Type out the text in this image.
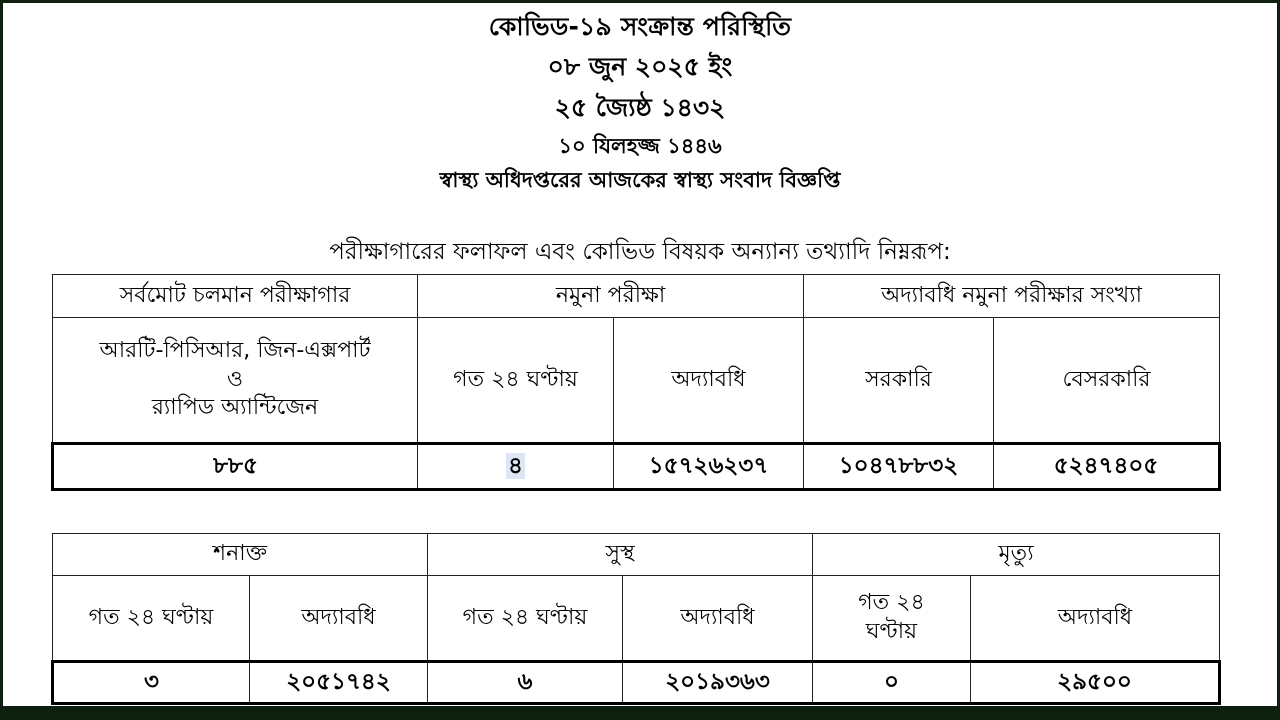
কোভিড-১৯ সংক্রান্ত পরিস্থিতি
০৮ জুন ২০২৫ ইং
২৫ জ্যৈষ্ঠ ১৪৩২
১০ যিলহজ্জ ১৪৪৬
স্বাস্থ্য অধিদপ্তরের আজকের স্বাস্থ্য সংবাদ বিজ্ঞপ্তি
পরীক্ষাগারের ফলাফল এবং কোভিড বিষয়ক অন্যান্য তথ্যাদি নিম্নরূপ:
সর্বমোট চলমান পরীক্ষাগার	নমুনা পরীক্ষা		অদ্যাবধি নমুনা পরীক্ষার সংখ্যা	

আরটি-পিসিআর, জিন-এক্সপার্ট
ও
র‍্যাপিড অ্যান্টিজেন	গত ২৪ ঘণ্টায়	অদ্যাবধি	সরকারি	বেসরকারি
৮৮৫	৪	১৫৭২৬২৩৭	১০৪৭৮৮৩২	৫২৪৭৪০৫
শনাক্ত		সুস্থ		মৃত্যু	
গত ২৪ ঘণ্টায়	অদ্যাবধি	গত ২৪ ঘণ্টায়	অদ্যাবধি	গত ২৪
ঘণ্টায়	অদ্যাবধি
৩	২০৫১৭৪২	৬	২০১৯৩৬৩	০	২৯৫০০
